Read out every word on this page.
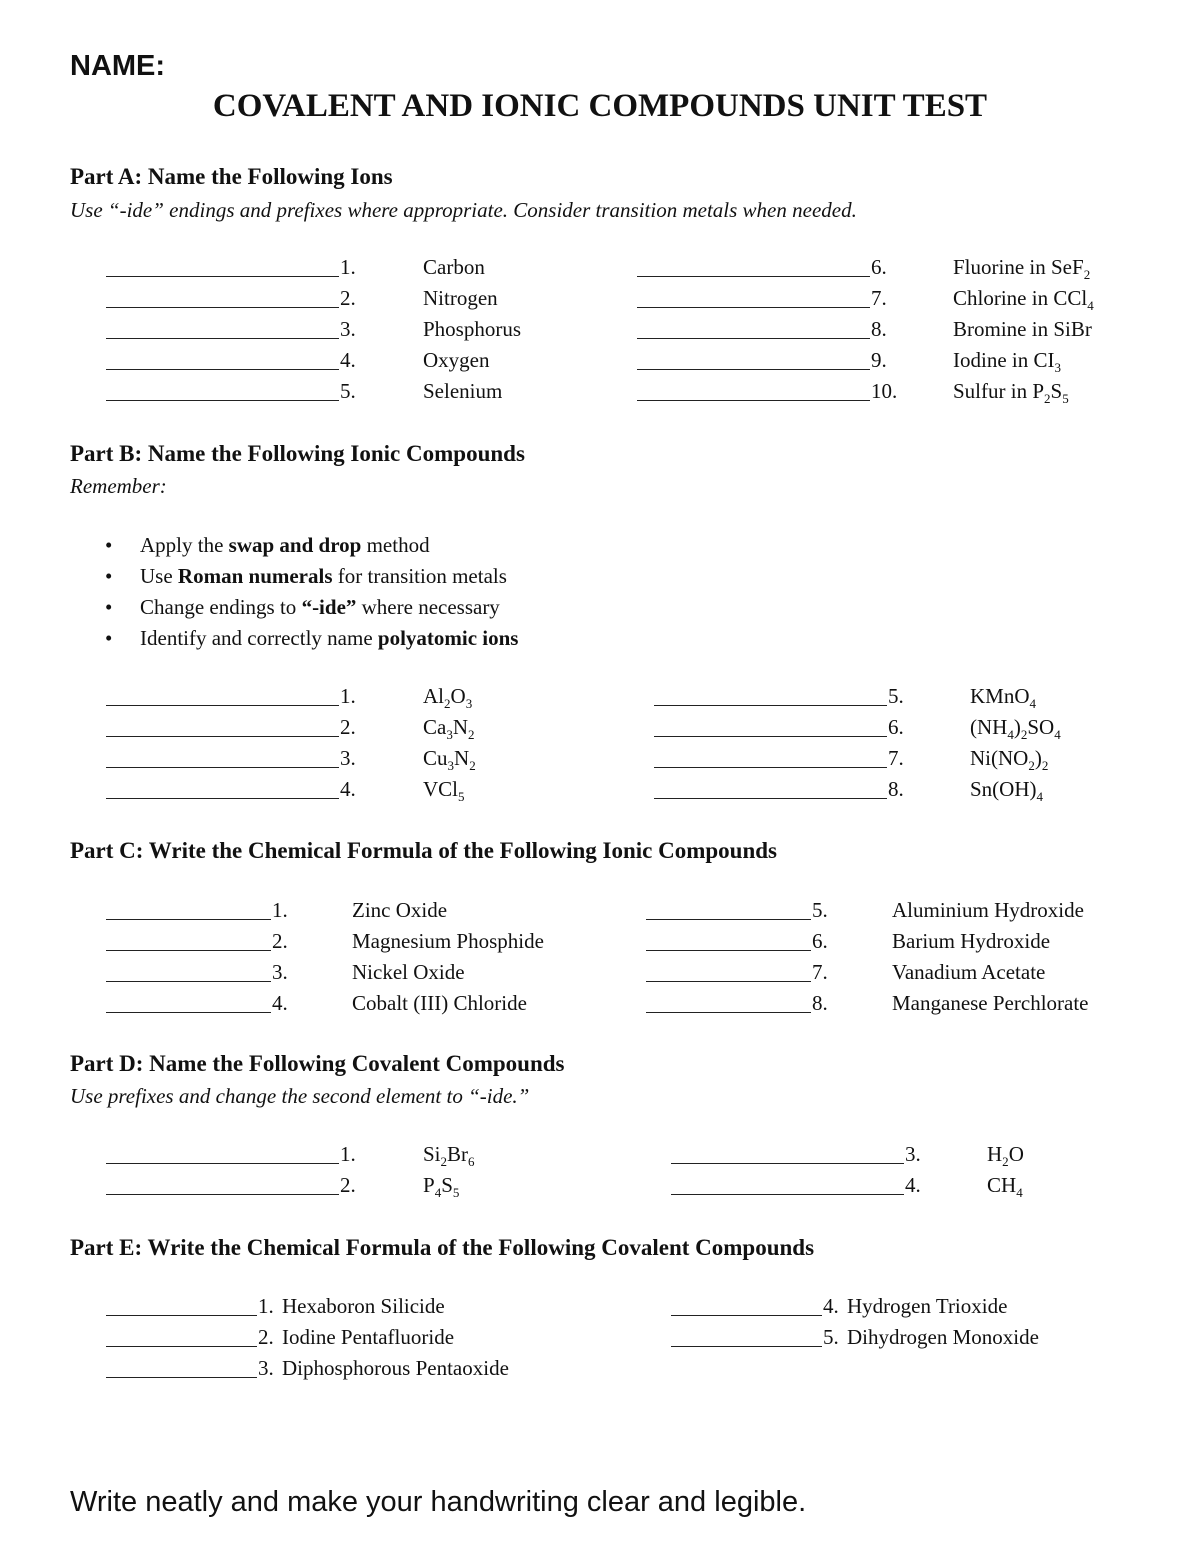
NAME:
COVALENT AND IONIC COMPOUNDS UNIT TEST
Part A: Name the Following Ions
Use “-ide” endings and prefixes where appropriate. Consider transition metals when needed.
1.	Carbon
2.	Nitrogen
3.	Phosphorus
4.	Oxygen
5.	Selenium
6.	Fluorine in SeF$_2$
7.	Chlorine in CCl$_4$
8.	Bromine in SiBr
9.	Iodine in $CI_3$
10.	Sulfur in $P_2S_5$
Part B: Name the Following Ionic Compounds
Remember:
• Apply the swap and drop method
• Use Roman numerals for transition metals
• Change endings to “-ide” where necessary
• Identify and correctly name polyatomic ions
1.	$Al_2O_3$
2.	$Ca_3N_2$
3.	$Cu_3N_2$
4.	VCl$_5$
5.	KMnO$_4$
6.	$(NH_4)_2SO_4$
7.	$Ni(NO_2)_2$
8.	$Sn(OH)_4$
Part C: Write the Chemical Formula of the Following Ionic Compounds
1.	Zinc Oxide
2.	Magnesium Phosphide
3.	Nickel Oxide
4.	Cobalt (III) Chloride
5.	Aluminium Hydroxide
6.	Barium Hydroxide
7.	Vanadium Acetate
8.	Manganese Perchlorate
Part D: Name the Following Covalent Compounds
Use prefixes and change the second element to “-ide.”
1.	$Si_2Br_6$
2.	$P_4S_5$
3.	$H_2O$
4.	$CH_4$
Part E: Write the Chemical Formula of the Following Covalent Compounds
1. Hexaboron Silicide
2. Iodine Pentafluoride
3. Diphosphorous Pentaoxide
4. Hydrogen Trioxide
5. Dihydrogen Monoxide
Write neatly and make your handwriting clear and legible.
